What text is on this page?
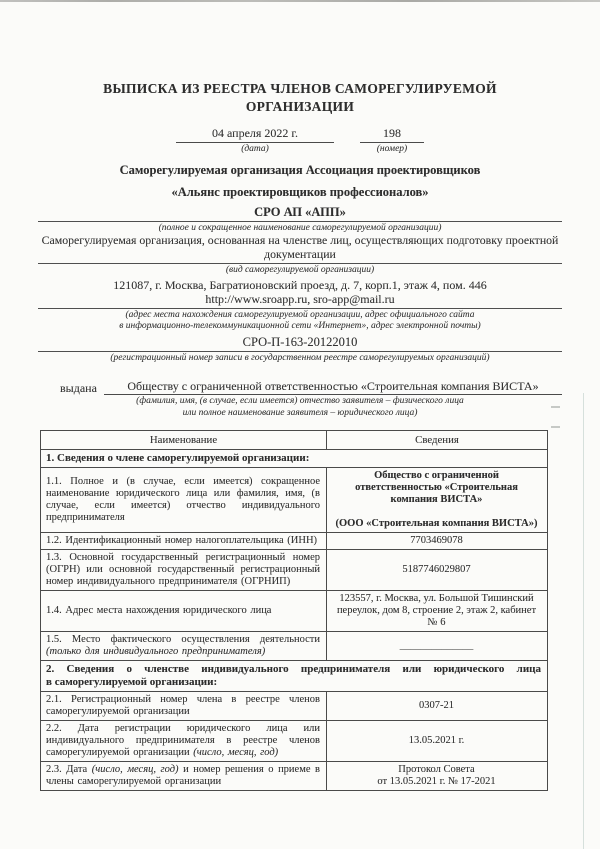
ВЫПИСКА ИЗ РЕЕСТРА ЧЛЕНОВ САМОРЕГУЛИРУЕМОЙ
ОРГАНИЗАЦИИ
04 апреля 2022 г.
(дата)
198
(номер)
Саморегулируемая организация Ассоциация проектировщиков
«Альянс проектировщиков профессионалов»
СРО АП «АПП»
(полное и сокращенное наименование саморегулируемой организации)
Саморегулируемая организация, основанная на членстве лиц, осуществляющих подготовку проектной документации
(вид саморегулируемой организации)
121087, г. Москва, Багратионовский проезд, д. 7, корп.1, этаж 4, пом. 446
http://www.sroapp.ru, sro-app@mail.ru
(адрес места нахождения саморегулируемой организации, адрес официального сайта
в информационно-телекоммуникационной сети «Интернет», адрес электронной почты)
СРО-П-163-20122010
(регистрационный номер записи в государственном реестре саморегулируемых организаций)
выдана	Обществу с ограниченной ответственностью «Строительная компания ВИСТА»
(фамилия, имя, (в случае, если имеется) отчество заявителя – физического лица
или полное наименование заявителя – юридического лица)
Наименование	Сведения
1. Сведения о члене саморегулируемой организации:	
1.1. Полное и (в случае, если имеется) сокращенное наименование юридического лица или фамилия, имя, (в случае, если имеется) отчество индивидуального предпринимателя	Общество с ограниченной ответственностью «Строительная компания ВИСТА»
(ООО «Строительная компания ВИСТА»)

1.2. Идентификационный номер налогоплательщика (ИНН)	7703469078
1.3. Основной государственный регистрационный номер (ОГРН) или основной государственный регистрационный номер индивидуального предпринимателя (ОГРНИП)	5187746029807
1.4. Адрес места нахождения юридического лица	123557, г. Москва, ул. Большой Тишинский переулок, дом 8, строение 2, этаж 2, кабинет № 6
1.5. Место фактического осуществления деятельности (только для индивидуального предпринимателя)	______________

2. Сведения о членстве индивидуального предпринимателя или юридического лица
в саморегулируемой организации:	
2.1. Регистрационный номер члена в реестре членов саморегулируемой организации	0307-21
2.2. Дата регистрации юридического лица или индивидуального предпринимателя в реестре членов саморегулируемой организации (число, месяц, год)	13.05.2021 г.
2.3. Дата (число, месяц, год) и номер решения о приеме в члены саморегулируемой организации	Протокол Совета
от 13.05.2021 г. № 17-2021
